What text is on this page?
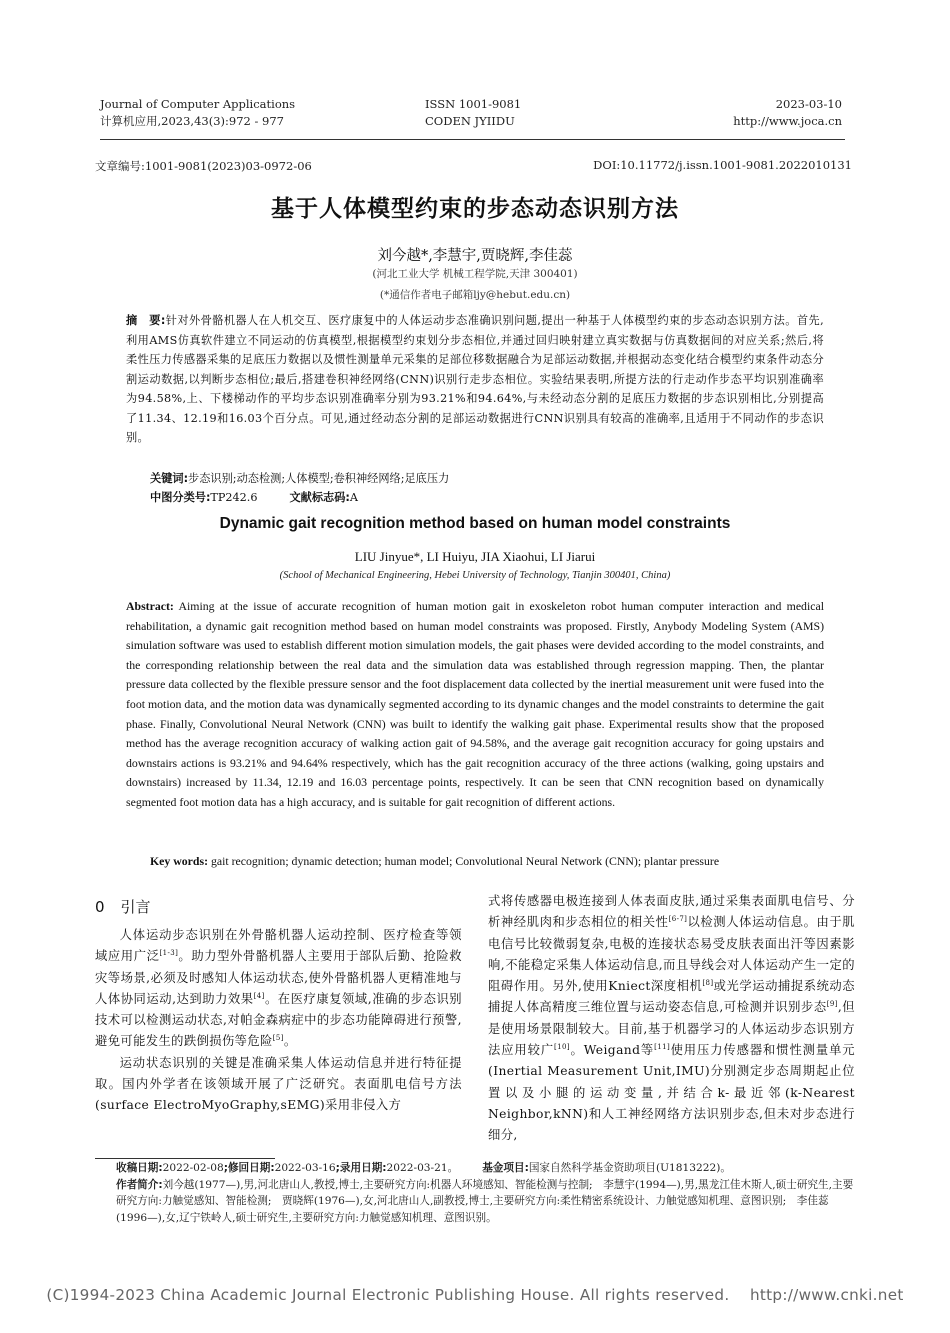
Journal of Computer Applications
计算机应用,2023,43(3):972 - 977
ISSN 1001-9081
CODEN JYIIDU
2023-03-10
http://www.joca.cn
文章编号:1001-9081(2023)03-0972-06	DOI:10.11772/j.issn.1001-9081.2022010131
基于人体模型约束的步态动态识别方法
刘今越*,李慧宇,贾晓辉,李佳蕊
(河北工业大学 机械工程学院,天津 300401)
(*通信作者电子邮箱ljy@hebut.edu.cn)
摘　要:针对外骨骼机器人在人机交互、医疗康复中的人体运动步态准确识别问题,提出一种基于人体模型约束的步态动态识别方法。首先,利用AMS仿真软件建立不同运动的仿真模型,根据模型约束划分步态相位,并通过回归映射建立真实数据与仿真数据间的对应关系;然后,将柔性压力传感器采集的足底压力数据以及惯性测量单元采集的足部位移数据融合为足部运动数据,并根据动态变化结合模型约束条件动态分割运动数据,以判断步态相位;最后,搭建卷积神经网络(CNN)识别行走步态相位。实验结果表明,所提方法的行走动作步态平均识别准确率为94.58%,上、下楼梯动作的平均步态识别准确率分别为93.21%和94.64%,与未经动态分割的足底压力数据的步态识别相比,分别提高了11.34、12.19和16.03个百分点。可见,通过经动态分割的足部运动数据进行CNN识别具有较高的准确率,且适用于不同动作的步态识别。
关键词:步态识别;动态检测;人体模型;卷积神经网络;足底压力
中图分类号:TP242.6	文献标志码:A
Dynamic gait recognition method based on human model constraints
LIU Jinyue*, LI Huiyu, JIA Xiaohui, LI Jiarui
(School of Mechanical Engineering, Hebei University of Technology, Tianjin 300401, China)
Abstract: Aiming at the issue of accurate recognition of human motion gait in exoskeleton robot human computer interaction and medical rehabilitation, a dynamic gait recognition method based on human model constraints was proposed. Firstly, Anybody Modeling System (AMS) simulation software was used to establish different motion simulation models, the gait phases were devided according to the model constraints, and the corresponding relationship between the real data and the simulation data was established through regression mapping. Then, the plantar pressure data collected by the flexible pressure sensor and the foot displacement data collected by the inertial measurement unit were fused into the foot motion data, and the motion data was dynamically segmented according to its dynamic changes and the model constraints to determine the gait phase. Finally, Convolutional Neural Network (CNN) was built to identify the walking gait phase. Experimental results show that the proposed method has the average recognition accuracy of walking action gait of 94.58%, and the average gait recognition accuracy for going upstairs and downstairs actions is 93.21% and 94.64% respectively, which has the gait recognition accuracy of the three actions (walking, going upstairs and downstairs) increased by 11.34, 12.19 and 16.03 percentage points, respectively. It can be seen that CNN recognition based on dynamically segmented foot motion data has a high accuracy, and is suitable for gait recognition of different actions.
Key words: gait recognition; dynamic detection; human model; Convolutional Neural Network (CNN); plantar pressure
0 引言

人体运动步态识别在外骨骼机器人运动控制、医疗检查等领域应用广泛[1-3]。助力型外骨骼机器人主要用于部队后勤、抢险救灾等场景,必须及时感知人体运动状态,使外骨骼机器人更精准地与人体协同运动,达到助力效果[4]。在医疗康复领域,准确的步态识别技术可以检测运动状态,对帕金森病症中的步态功能障碍进行预警,避免可能发生的跌倒损伤等危险[5]。

运动状态识别的关键是准确采集人体运动信息并进行特征提取。国内外学者在该领域开展了广泛研究。表面肌电信号方法(surface ElectroMyoGraphy,sEMG)采用非侵入方

式将传感器电极连接到人体表面皮肤,通过采集表面肌电信号、分析神经肌肉和步态相位的相关性[6-7]以检测人体运动信息。由于肌电信号比较微弱复杂,电极的连接状态易受皮肤表面出汗等因素影响,不能稳定采集人体运动信息,而且导线会对人体运动产生一定的阻碍作用。另外,使用Kniect深度相机[8]或光学运动捕捉系统动态捕捉人体高精度三维位置与运动姿态信息,可检测并识别步态[9],但是使用场景限制较大。目前,基于机器学习的人体运动步态识别方法应用较广[10]。Weigand等[11]使用压力传感器和惯性测量单元(Inertial Measurement Unit,IMU)分别测定步态周期起止位置以及小腿的运动变量,并结合k-最近邻(k-Nearest Neighbor,kNN)和人工神经网络方法识别步态,但未对步态进行细分,

收稿日期:2022-02-08;修回日期:2022-03-16;录用日期:2022-03-21。 基金项目:国家自然科学基金资助项目(U1813222)。
作者简介:刘今越(1977—),男,河北唐山人,教授,博士,主要研究方向:机器人环境感知、智能检测与控制;  李慧宇(1994—),男,黑龙江佳木斯人,硕士研究生,主要研究方向:力触觉感知、智能检测;  贾晓辉(1976—),女,河北唐山人,副教授,博士,主要研究方向:柔性精密系统设计、力触觉感知机理、意图识别;  李佳蕊(1996—),女,辽宁铁岭人,硕士研究生,主要研究方向:力触觉感知机理、意图识别。
(C)1994-2023 China Academic Journal Electronic Publishing House. All rights reserved.    http://www.cnki.net
